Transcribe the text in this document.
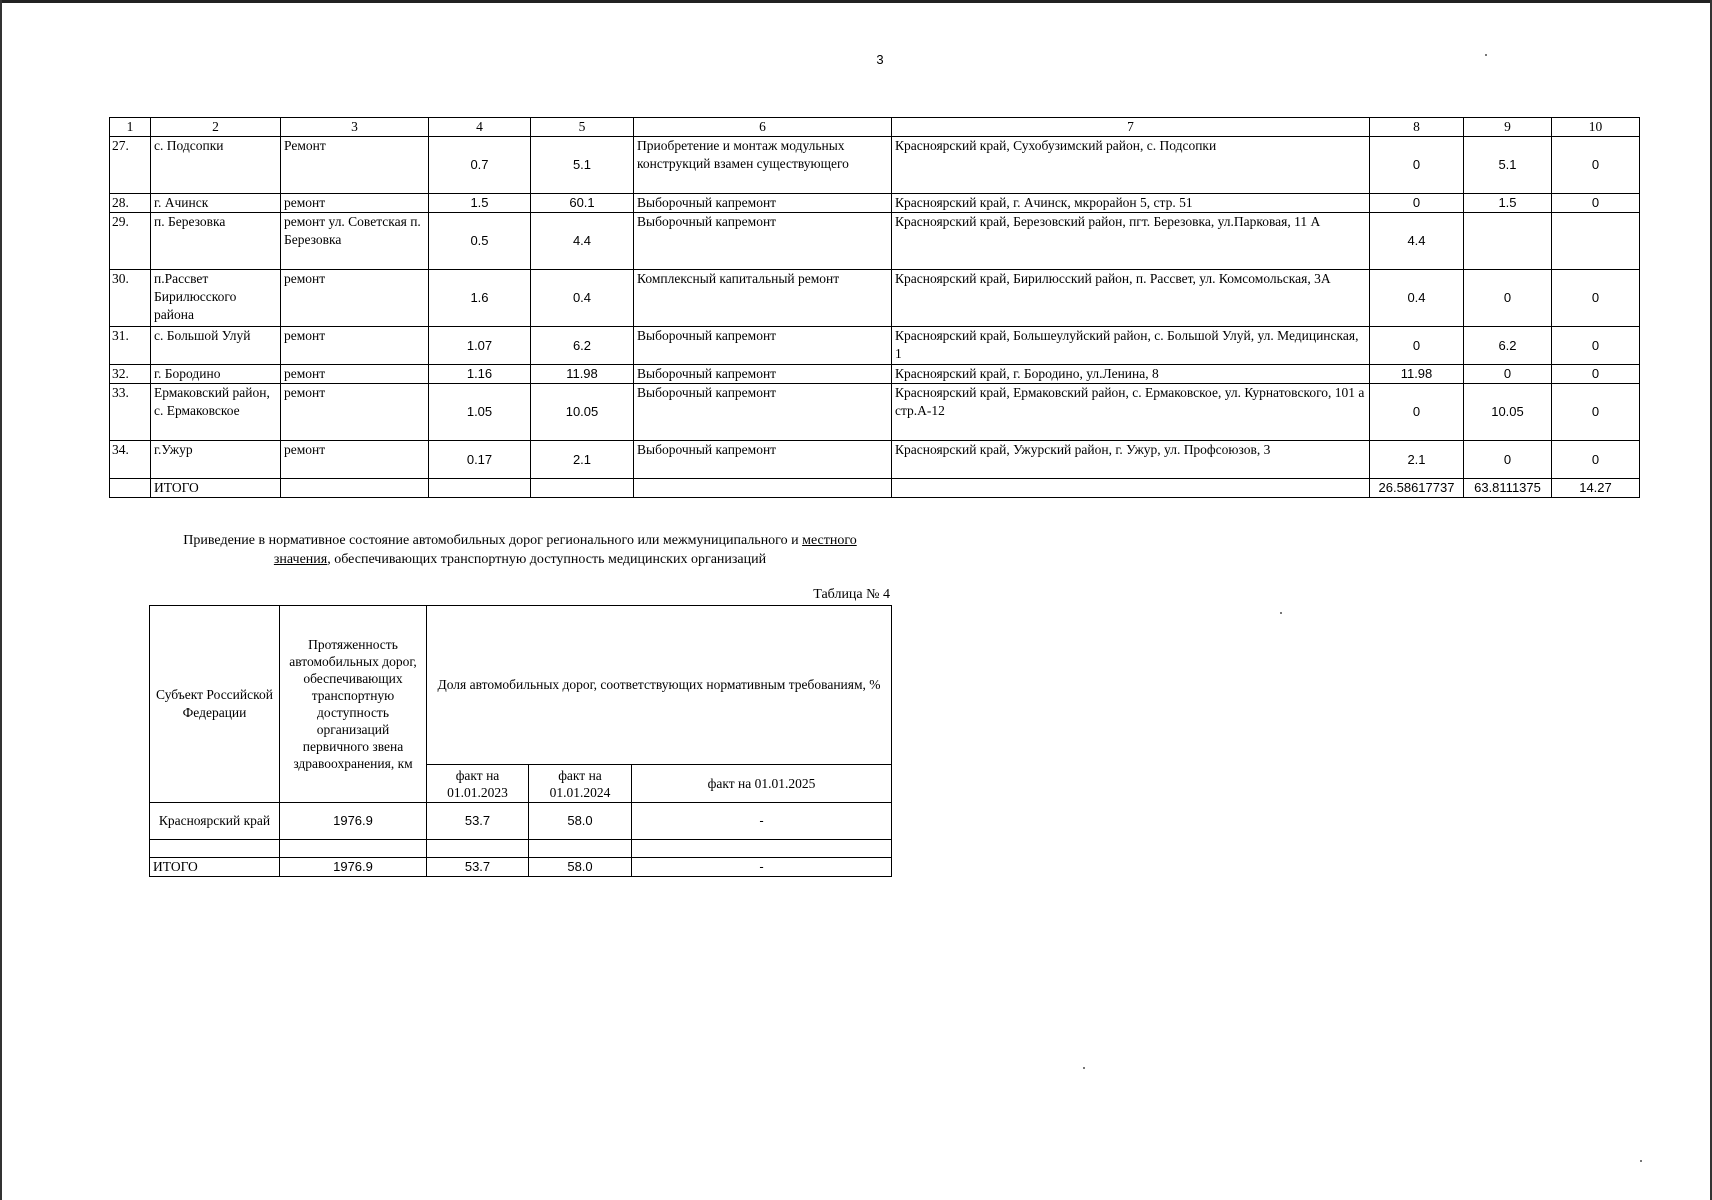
3
1	2	3	4	5	6	7	8	9	10
27.	с. Подсопки	Ремонт	0.7	5.1	Приобретение и монтаж модульных конструкций взамен существующего	Красноярский край, Сухобузимский район, с. Подсопки	0	5.1	0
28.	г. Ачинск	ремонт	1.5	60.1	Выборочный капремонт	Красноярский край, г. Ачинск, мкрорайон 5, стр. 51	0	1.5	0
29.	п. Березовка	ремонт ул. Советская п. Березовка	0.5	4.4	Выборочный капремонт	Красноярский край, Березовский район, пгт. Березовка, ул.Парковая, 11 А	4.4		
30.	п.Рассвет Бирилюсского района	ремонт	1.6	0.4	Комплексный капитальный ремонт	Красноярский край, Бирилюсский район, п. Рассвет, ул. Комсомольская, 3А	0.4	0	0
31.	с. Большой Улуй	ремонт	1.07	6.2	Выборочный капремонт	Красноярский край, Большеулуйский район, с. Большой Улуй, ул. Медицинская, 1	0	6.2	0
32.	г. Бородино	ремонт	1.16	11.98	Выборочный капремонт	Красноярский край, г. Бородино, ул.Ленина, 8	11.98	0	0
33.	Ермаковский район, с. Ермаковское	ремонт	1.05	10.05	Выборочный капремонт	Красноярский край, Ермаковский район, с. Ермаковское, ул. Курнатовского, 101 а стр.А-12	0	10.05	0
34.	г.Ужур	ремонт	0.17	2.1	Выборочный капремонт	Красноярский край, Ужурский район, г. Ужур, ул. Профсоюзов, 3	2.1	0	0
	ИТОГО						26.58617737	63.8111375	14.27
Приведение в нормативное состояние автомобильных дорог регионального или межмуниципального и местного
значения, обеспечивающих транспортную доступность медицинских организаций
Таблица № 4
Субъект Российской Федерации	Протяженность автомобильных дорог, обеспечивающих транспортную доступность организаций первичного звена здравоохранения, км	Доля автомобильных дорог, соответствующих нормативным требованиям, %		
		факт на 01.01.2023	факт на 01.01.2024	факт на 01.01.2025
Красноярский край	1976.9	53.7	58.0	-

ИТОГО	1976.9	53.7	58.0	-
